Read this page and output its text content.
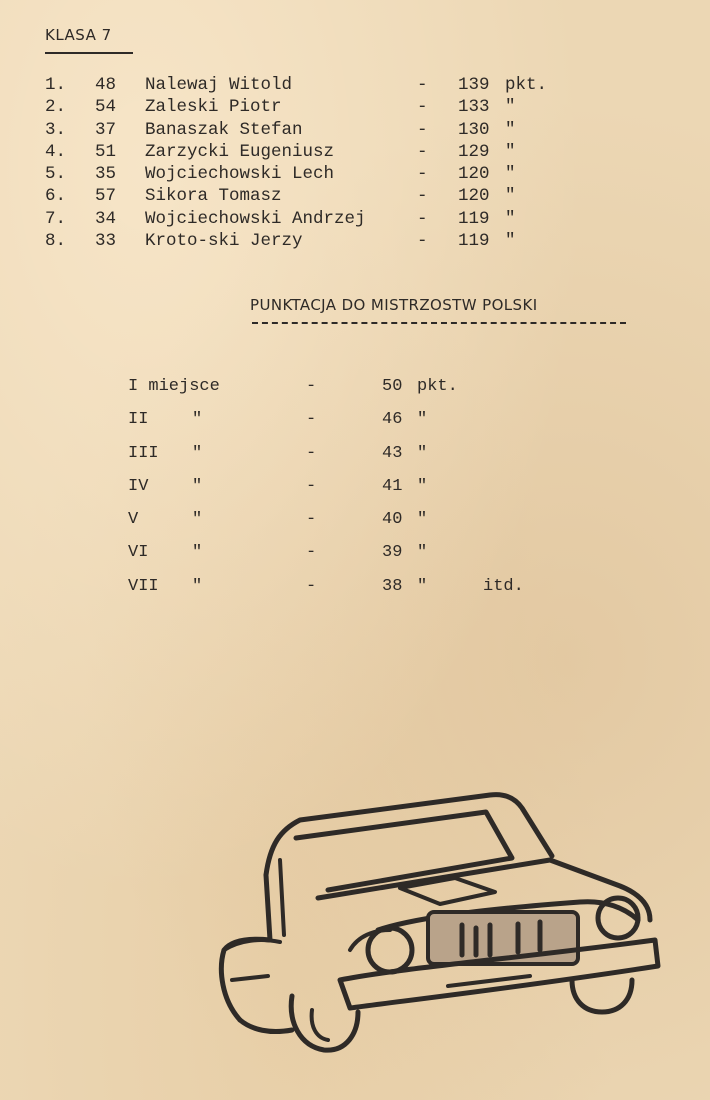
KLASA 7
1. 48 Nalewaj Witold	- 139 pkt.
2. 54 Zaleski Piotr	- 133 "
3. 37 Banaszak Stefan	- 130 "
4. 51 Zarzycki Eugeniusz	- 129 "
5. 35 Wojciechowski Lech	- 120 "
6. 57 Sikora Tomasz	- 120 "
7. 34 Wojciechowski Andrzej	- 119 "
8. 33 Kroto-ski Jerzy	- 119 "
PUNKTACJA DO MISTRZOSTW POLSKI
I miejsce	-	50 pkt.
II	"	-	46 "
III "	-	43 "
IV	"	-	41 "
V	"	-	40 "
VI	"	-	39 "
VII "	-	38 "	itd.
